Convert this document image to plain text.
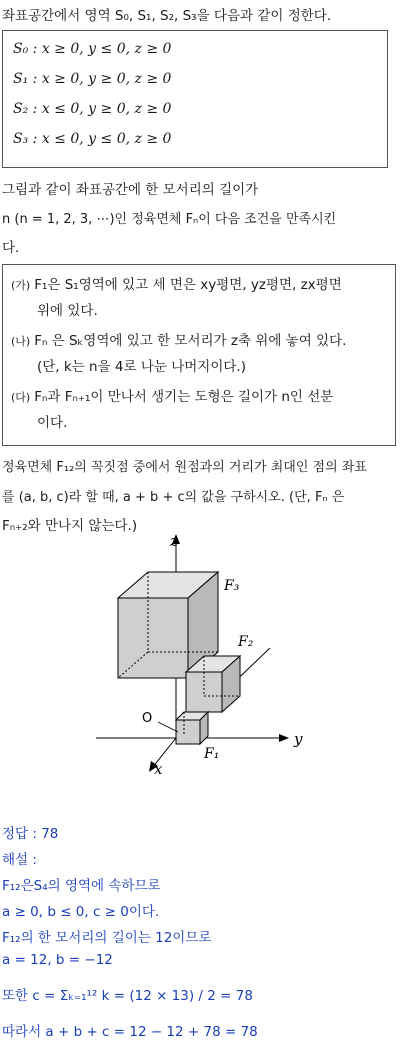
좌표공간에서 영역 S₀, S₁, S₂, S₃을 다음과 같이 정한다.
S₀ : x ≥ 0, y ≤ 0, z ≥ 0
S₁ : x ≥ 0, y ≥ 0, z ≥ 0
S₂ : x ≤ 0, y ≥ 0, z ≥ 0
S₃ : x ≤ 0, y ≤ 0, z ≥ 0
그림과 같이 좌표공간에 한 모서리의 길이가
n (n = 1, 2, 3, ⋯)인 정육면체 Fₙ이 다음 조건을 만족시킨
다.
(가) F₁은 S₁영역에 있고 세 면은 xy평면, yz평면, zx평면
위에 있다.
(나) Fₙ 은 Sₖ영역에 있고 한 모서리가 z축 위에 놓여 있다.
(단, k는 n을 4로 나눈 나머지이다.)
(다) Fₙ과 Fₙ₊₁이 만나서 생기는 도형은 길이가 n인 선분
이다.
정육면체 F₁₂의 꼭짓점 중에서 원점과의 거리가 최대인 점의 좌표
를 (a, b, c)라 할 때, a + b + c의 값을 구하시오. (단, Fₙ 은
Fₙ₊₂와 만나지 않는다.)
z
y
x
O
F₁
F₂
F₃
정답 : 78
해설 :
F₁₂은S₄의 영역에 속하므로
a ≥ 0, b ≤ 0, c ≥ 0이다.
F₁₂의 한 모서리의 길이는 12이므로
a = 12, b = −12
또한 c = Σₖ₌₁¹² k = (12 × 13) / 2 = 78
따라서 a + b + c = 12 − 12 + 78 = 78
